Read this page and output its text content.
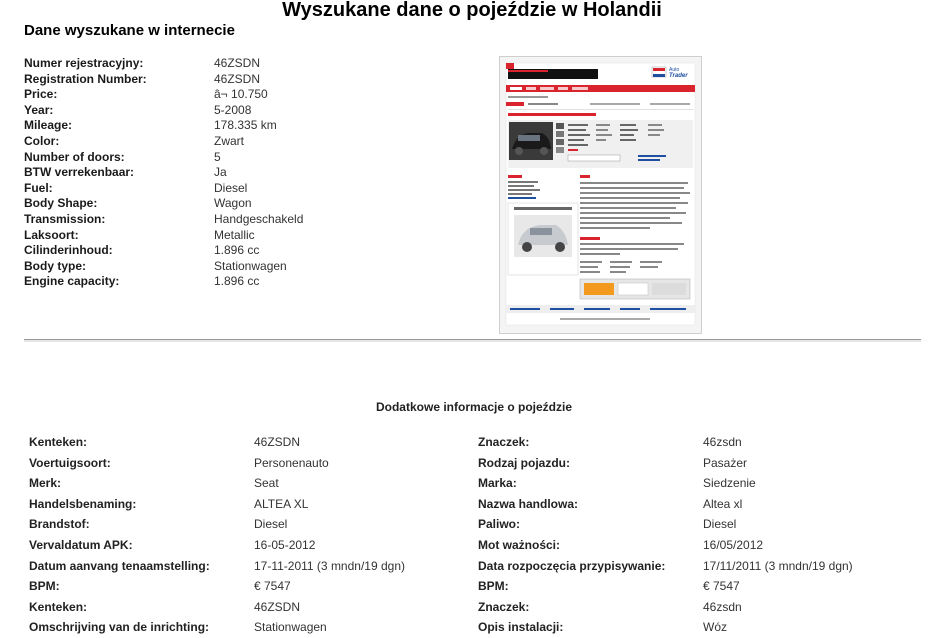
Wyszukane dane o pojeździe w Holandii
Dane wyszukane w internecie
Numer rejestracyjny:	46ZSDN
Registration Number:	46ZSDN
Price:	â¬ 10.750
Year:	5-2008
Mileage:	178.335 km
Color:	Zwart
Number of doors:	5
BTW verrekenbaar:	Ja
Fuel:	Diesel
Body Shape:	Wagon
Transmission:	Handgeschakeld
Laksoort:	Metallic
Cilinderinhoud:	1.896 cc
Body type:	Stationwagen
Engine capacity:	1.896 cc
Auto
Trader
Dodatkowe informacje o pojeździe
Kenteken:	46ZSDN	Znaczek:	46zsdn
Voertuigsoort:	Personenauto	Rodzaj pojazdu:	Pasażer
Merk:	Seat	Marka:	Siedzenie
Handelsbenaming:	ALTEA XL	Nazwa handlowa:	Altea xl
Brandstof:	Diesel	Paliwo:	Diesel
Vervaldatum APK:	16-05-2012	Mot ważności:	16/05/2012
Datum aanvang tenaamstelling:	17-11-2011 (3 mndn/19 dgn)	Data rozpoczęcia przypisywanie:	17/11/2011 (3 mndn/19 dgn)
BPM:	€ 7547	BPM:	€ 7547
Kenteken:	46ZSDN	Znaczek:	46zsdn
Omschrijving van de inrichting:	Stationwagen	Opis instalacji:	Wóz
